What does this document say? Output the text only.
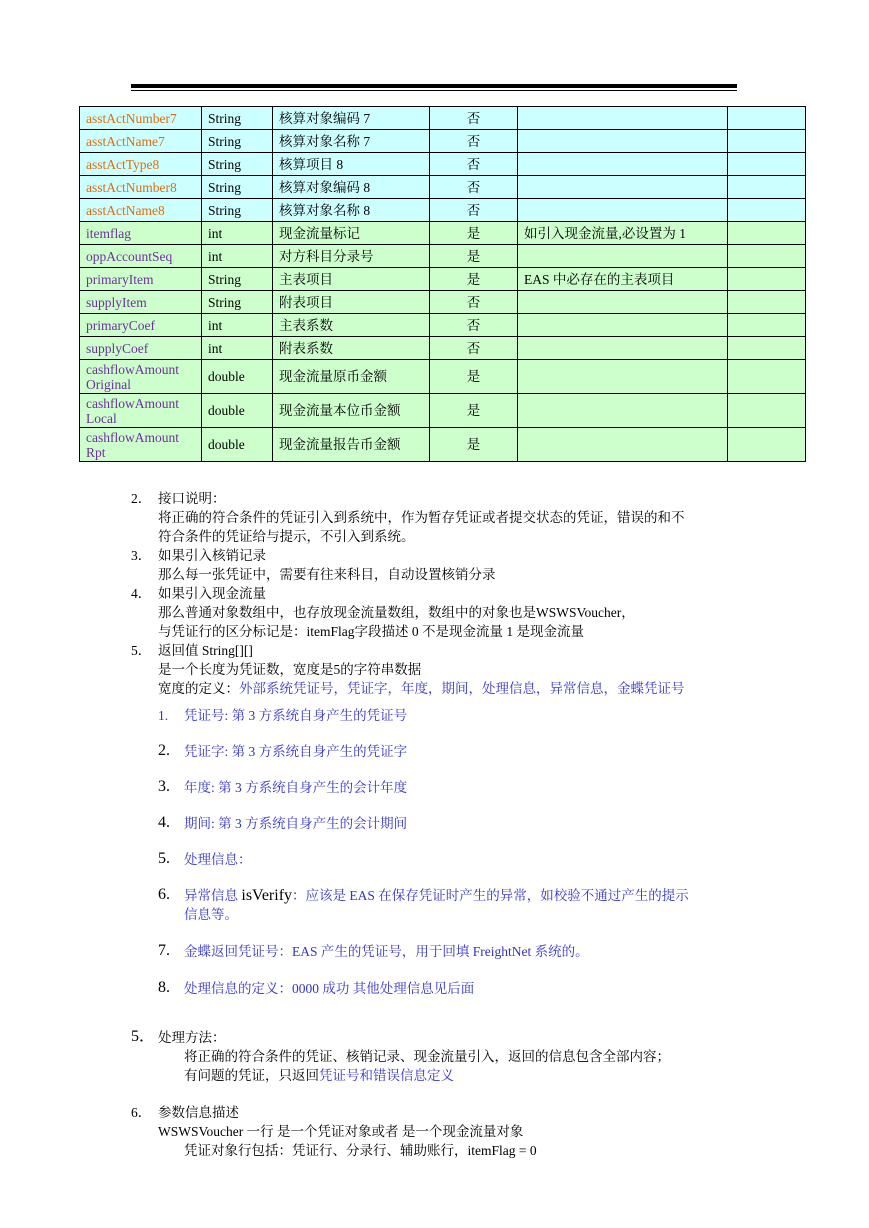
asstActNumber7	String	核算对象编码 7	否		
asstActName7	String	核算对象名称 7	否		
asstActType8	String	核算项目 8	否		
asstActNumber8	String	核算对象编码 8	否		
asstActName8	String	核算对象名称 8	否		
itemflag	int	现金流量标记	是	如引入现金流量,必设置为 1	
oppAccountSeq	int	对方科目分录号	是		
primaryItem	String	主表项目	是	EAS 中必存在的主表项目	
supplyItem	String	附表项目	否		
primaryCoef	int	主表系数	否		
supplyCoef	int	附表系数	否		
cashflowAmount Original	double	现金流量原币金额	是		
cashflowAmount Local	double	现金流量本位币金额	是		
cashflowAmount Rpt	double	现金流量报告币金额	是		
2． 接口说明：
将正确的符合条件的凭证引入到系统中，作为暂存凭证或者提交状态的凭证，错误的和不
符合条件的凭证给与提示，不引入到系统。
3． 如果引入核销记录
那么每一张凭证中，需要有往来科目，自动设置核销分录
4． 如果引入现金流量
那么普通对象数组中，也存放现金流量数组，数组中的对象也是WSWSVoucher，
与凭证行的区分标记是：itemFlag字段描述 0 不是现金流量 1 是现金流量
5． 返回值 String[][]
是一个长度为凭证数，宽度是5的字符串数据
宽度的定义：外部系统凭证号，凭证字，年度，期间，处理信息，异常信息，金蝶凭证号
1. 凭证号: 第 3 方系统自身产生的凭证号
2. 凭证字: 第 3 方系统自身产生的凭证字
3. 年度: 第 3 方系统自身产生的会计年度
4. 期间: 第 3 方系统自身产生的会计期间
5. 处理信息：
6. 异常信息 isVerify：应该是 EAS 在保存凭证时产生的异常，如校验不通过产生的提示
信息等。
7. 金蝶返回凭证号：EAS 产生的凭证号，用于回填 FreightNet 系统的。
8. 处理信息的定义：0000 成功 其他处理信息见后面
5． 处理方法：
将正确的符合条件的凭证、核销记录、现金流量引入，返回的信息包含全部内容；
有问题的凭证，只返回凭证号和错误信息定义
6． 参数信息描述
WSWSVoucher 一行 是一个凭证对象或者 是一个现金流量对象
凭证对象行包括：凭证行、分录行、辅助账行，itemFlag = 0
